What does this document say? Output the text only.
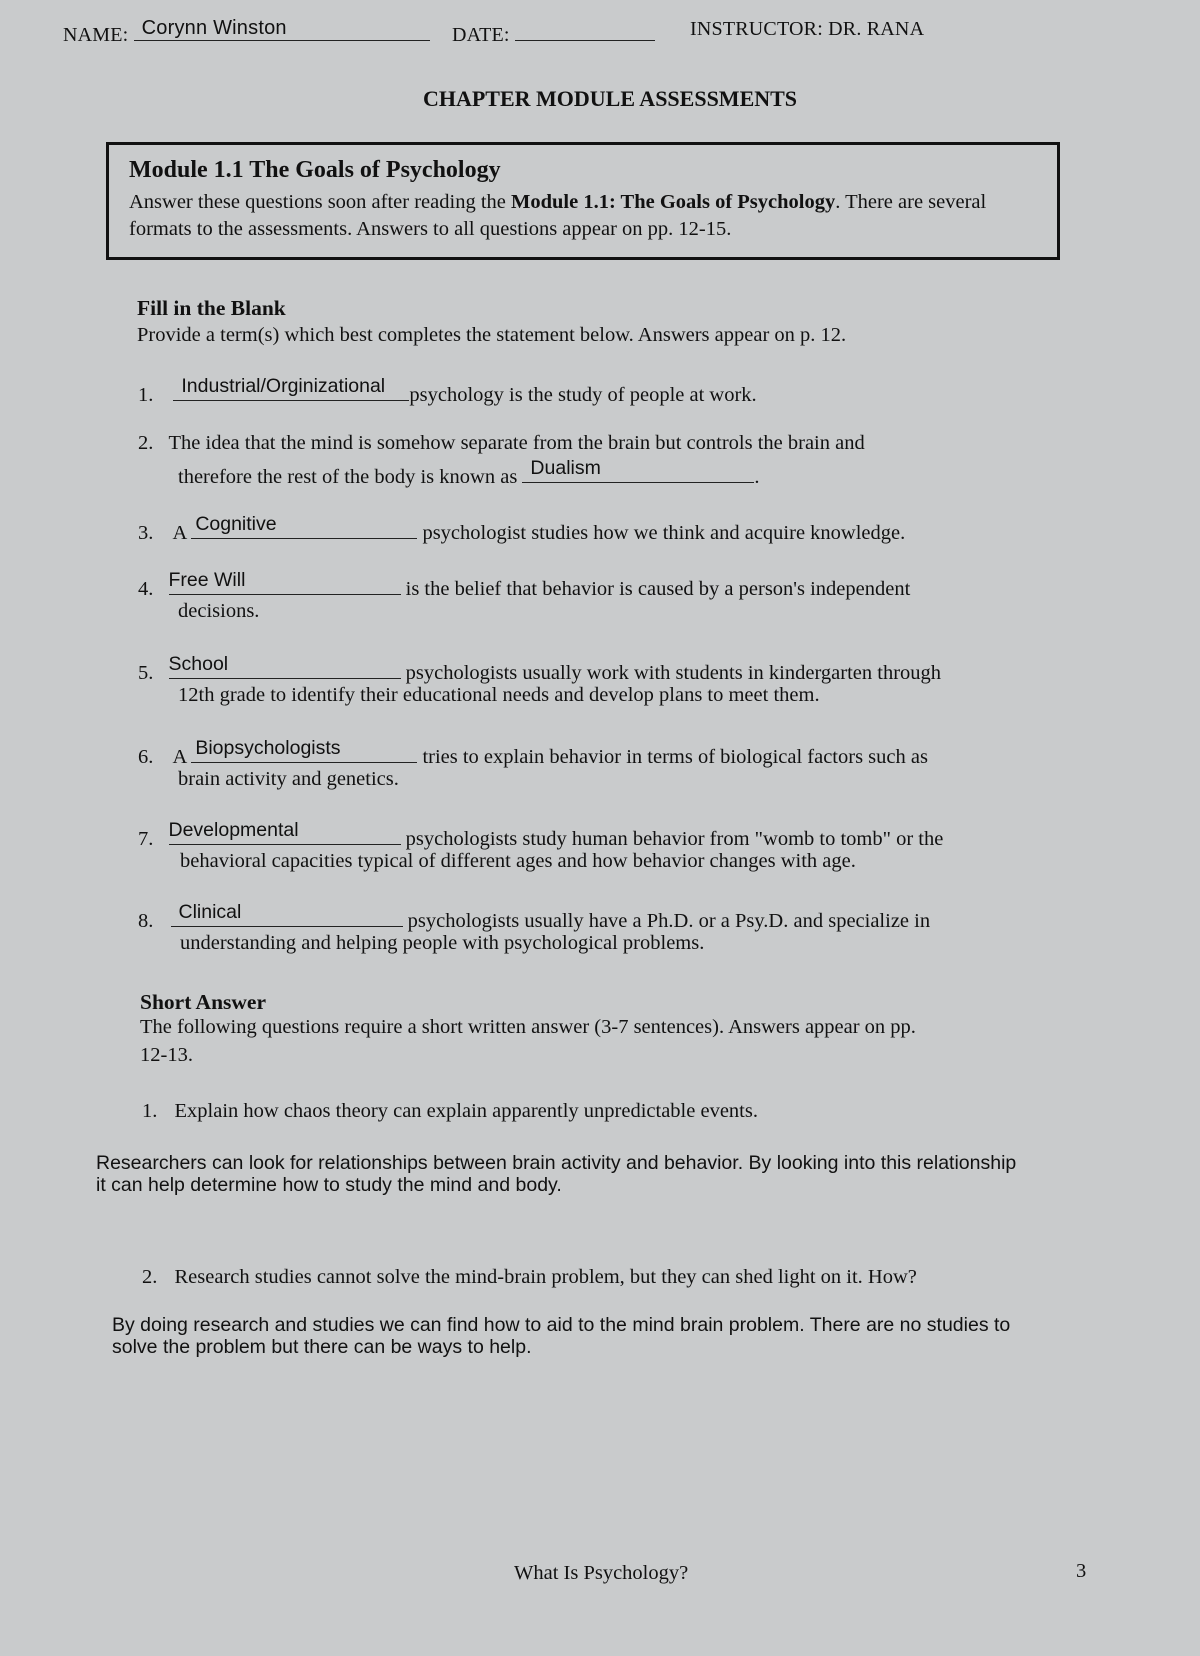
NAME: Corynn Winston	DATE:	INSTRUCTOR: DR. RANA
CHAPTER MODULE ASSESSMENTS
Module 1.1 The Goals of Psychology
Answer these questions soon after reading the Module 1.1: The Goals of Psychology. There are several formats to the assessments. Answers to all questions appear on pp. 12-15.
Fill in the Blank
Provide a term(s) which best completes the statement below. Answers appear on p. 12.
1. Industrial/Orginizational psychology is the study of people at work.
2. The idea that the mind is somehow separate from the brain but controls the brain and
therefore the rest of the body is known as Dualism	.
3. A Cognitive	psychologist studies how we think and acquire knowledge.
4. Free Will	is the belief that behavior is caused by a person's independent
decisions.
5. School	psychologists usually work with students in kindergarten through
12th grade to identify their educational needs and develop plans to meet them.
6. A Biopsychologists	tries to explain behavior in terms of biological factors such as
brain activity and genetics.
7. Developmental	psychologists study human behavior from "womb to tomb" or the
behavioral capacities typical of different ages and how behavior changes with age.
8. Clinical	psychologists usually have a Ph.D. or a Psy.D. and specialize in
understanding and helping people with psychological problems.
Short Answer
The following questions require a short written answer (3-7 sentences). Answers appear on pp.
12-13.
1. Explain how chaos theory can explain apparently unpredictable events.
Researchers can look for relationships between brain activity and behavior. By looking into this relationship
it can help determine how to study the mind and body.
2. Research studies cannot solve the mind-brain problem, but they can shed light on it. How?
By doing research and studies we can find how to aid to the mind brain problem. There are no studies to
solve the problem but there can be ways to help.
What Is Psychology?	3
